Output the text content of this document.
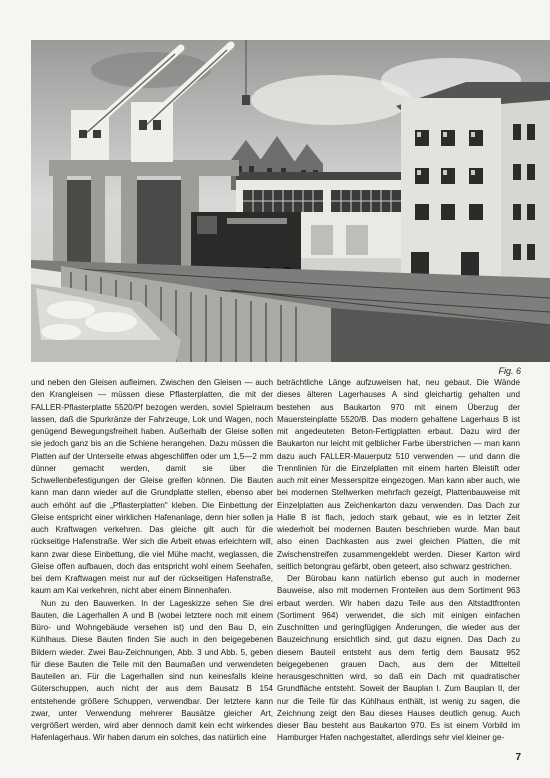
Fig. 6

und neben den Gleisen aufleimen. Zwischen den Gleisen — auch den Krangleisen — müssen diese Pflasterplatten, die mit der FALLER-Pflasterplatte 5520/Pf bezogen werden, soviel Spielraum lassen, daß die Spurkränze der Fahrzeuge, Lok und Wagen, noch genügend Bewegungsfreiheit haben. Außerhalb der Gleise sollen sie jedoch ganz bis an die Schiene herangehen. Dazu müssen die Platten auf der Unterseite etwas abgeschliffen oder um 1,5—2 mm dünner gemacht werden, damit sie über die Schwellenbefestigungen der Gleise greifen können. Die Bauten kann man dann wieder auf die Grundplatte stellen, ebenso aber auch erhöht auf die „Pflasterplatten" kleben. Die Einbettung der Gleise entspricht einer wirklichen Hafenanlage, denn hier sollen ja auch Kraftwagen verkehren. Das gleiche gilt auch für die rückseitige Hafenstraße. Wer sich die Arbeit etwas erleichtern will, kann zwar diese Einbettung, die viel Mühe macht, weglassen, die Gleise offen aufbauen, doch das entspricht wohl einem Seehafen, bei dem Kraftwagen meist nur auf der rückseitigen Hafenstraße, kaum am Kai verkehren, nicht aber einem Binnenhafen.

Nun zu den Bauwerken. In der Lageskizze sehen Sie drei Bauten, die Lagerhallen A und B (wobei letztere noch mit einem Büro- und Wohngebäude versehen ist) und den Bau D, ein Kühlhaus. Diese Bauten finden Sie auch in den beigegebenen Bildern wieder. Zwei Bau-Zeichnungen, Abb. 3 und Abb. 5, geben für diese Bauten die Teile mit den Baumaßen und verwendeten Bauteilen an. Für die Lagerhallen sind nun keinesfalls kleine Güterschuppen, auch nicht der aus dem Bausatz B 154 entstehende größere Schuppen, verwendbar. Der letztere kann zwar, unter Verwendung mehrerer Bausätze gleicher Art, vergrößert werden, wird aber dennoch damit kein echt wirkendes Hafenlagerhaus. Wir haben darum ein solches, das natürlich eine

beträchtliche Länge aufzuweisen hat, neu gebaut. Die Wände dieses älteren Lagerhauses A sind gleichartig gehalten und bestehen aus Baukarton 970 mit einem Überzug der Mauersteinplatte 5520/B. Das modern gehaltene Lagerhaus B ist mit angedeuteten Beton-Fertigplatten erbaut. Dazu wird der Baukarton nur leicht mit gelblicher Farbe überstrichen — man kann dazu auch FALLER-Mauerputz 510 verwenden — und dann die Trennlinien für die Einzelplatten mit einem harten Bleistift oder auch mit einer Messerspitze eingezogen. Man kann aber auch, wie bei modernen Stellwerken mehrfach gezeigt, Plattenbauweise mit Einzelplatten aus Zeichenkarton dazu verwenden. Das Dach zur Halle B ist flach, jedoch stark gebaut, wie es in letzter Zeit wiederholt bei modernen Bauten beschrieben wurde. Man baut also einen Dachkasten aus zwei gleichen Platten, die mit Zwischenstreifen zusammengeklebt werden. Dieser Karton wird seitlich betongrau gefärbt, oben geteert, also schwarz gestrichen.

Der Bürobau kann natürlich ebenso gut auch in moderner Bauweise, also mit modernen Fronteilen aus dem Sortiment 963 erbaut werden. Wir haben dazu Teile aus den Altstadtfronten (Sortiment 964) verwendet, die sich mit einigen einfachen Zuschnitten und geringfügigen Änderungen, die wieder aus der Bauzeichnung ersichtlich sind, gut dazu eignen. Das Dach zu diesem Bauteil entsteht aus dem fertig dem Bausatz 952 beigegebenen grauen Dach, aus dem der Mittelteil herausgeschnitten wird, so daß ein Dach mit quadratischer Grundfläche entsteht. Soweit der Bauplan I. Zum Bauplan II, der nur die Teile für das Kühlhaus enthält, ist wenig zu sagen, die Zeichnung zeigt den Bau dieses Hauses deutlich genug. Auch dieser Bau besteht aus Baukarton 970. Es ist einem Vorbild im Hamburger Hafen nachgestaltet, allerdings sehr viel kleiner ge-

7
